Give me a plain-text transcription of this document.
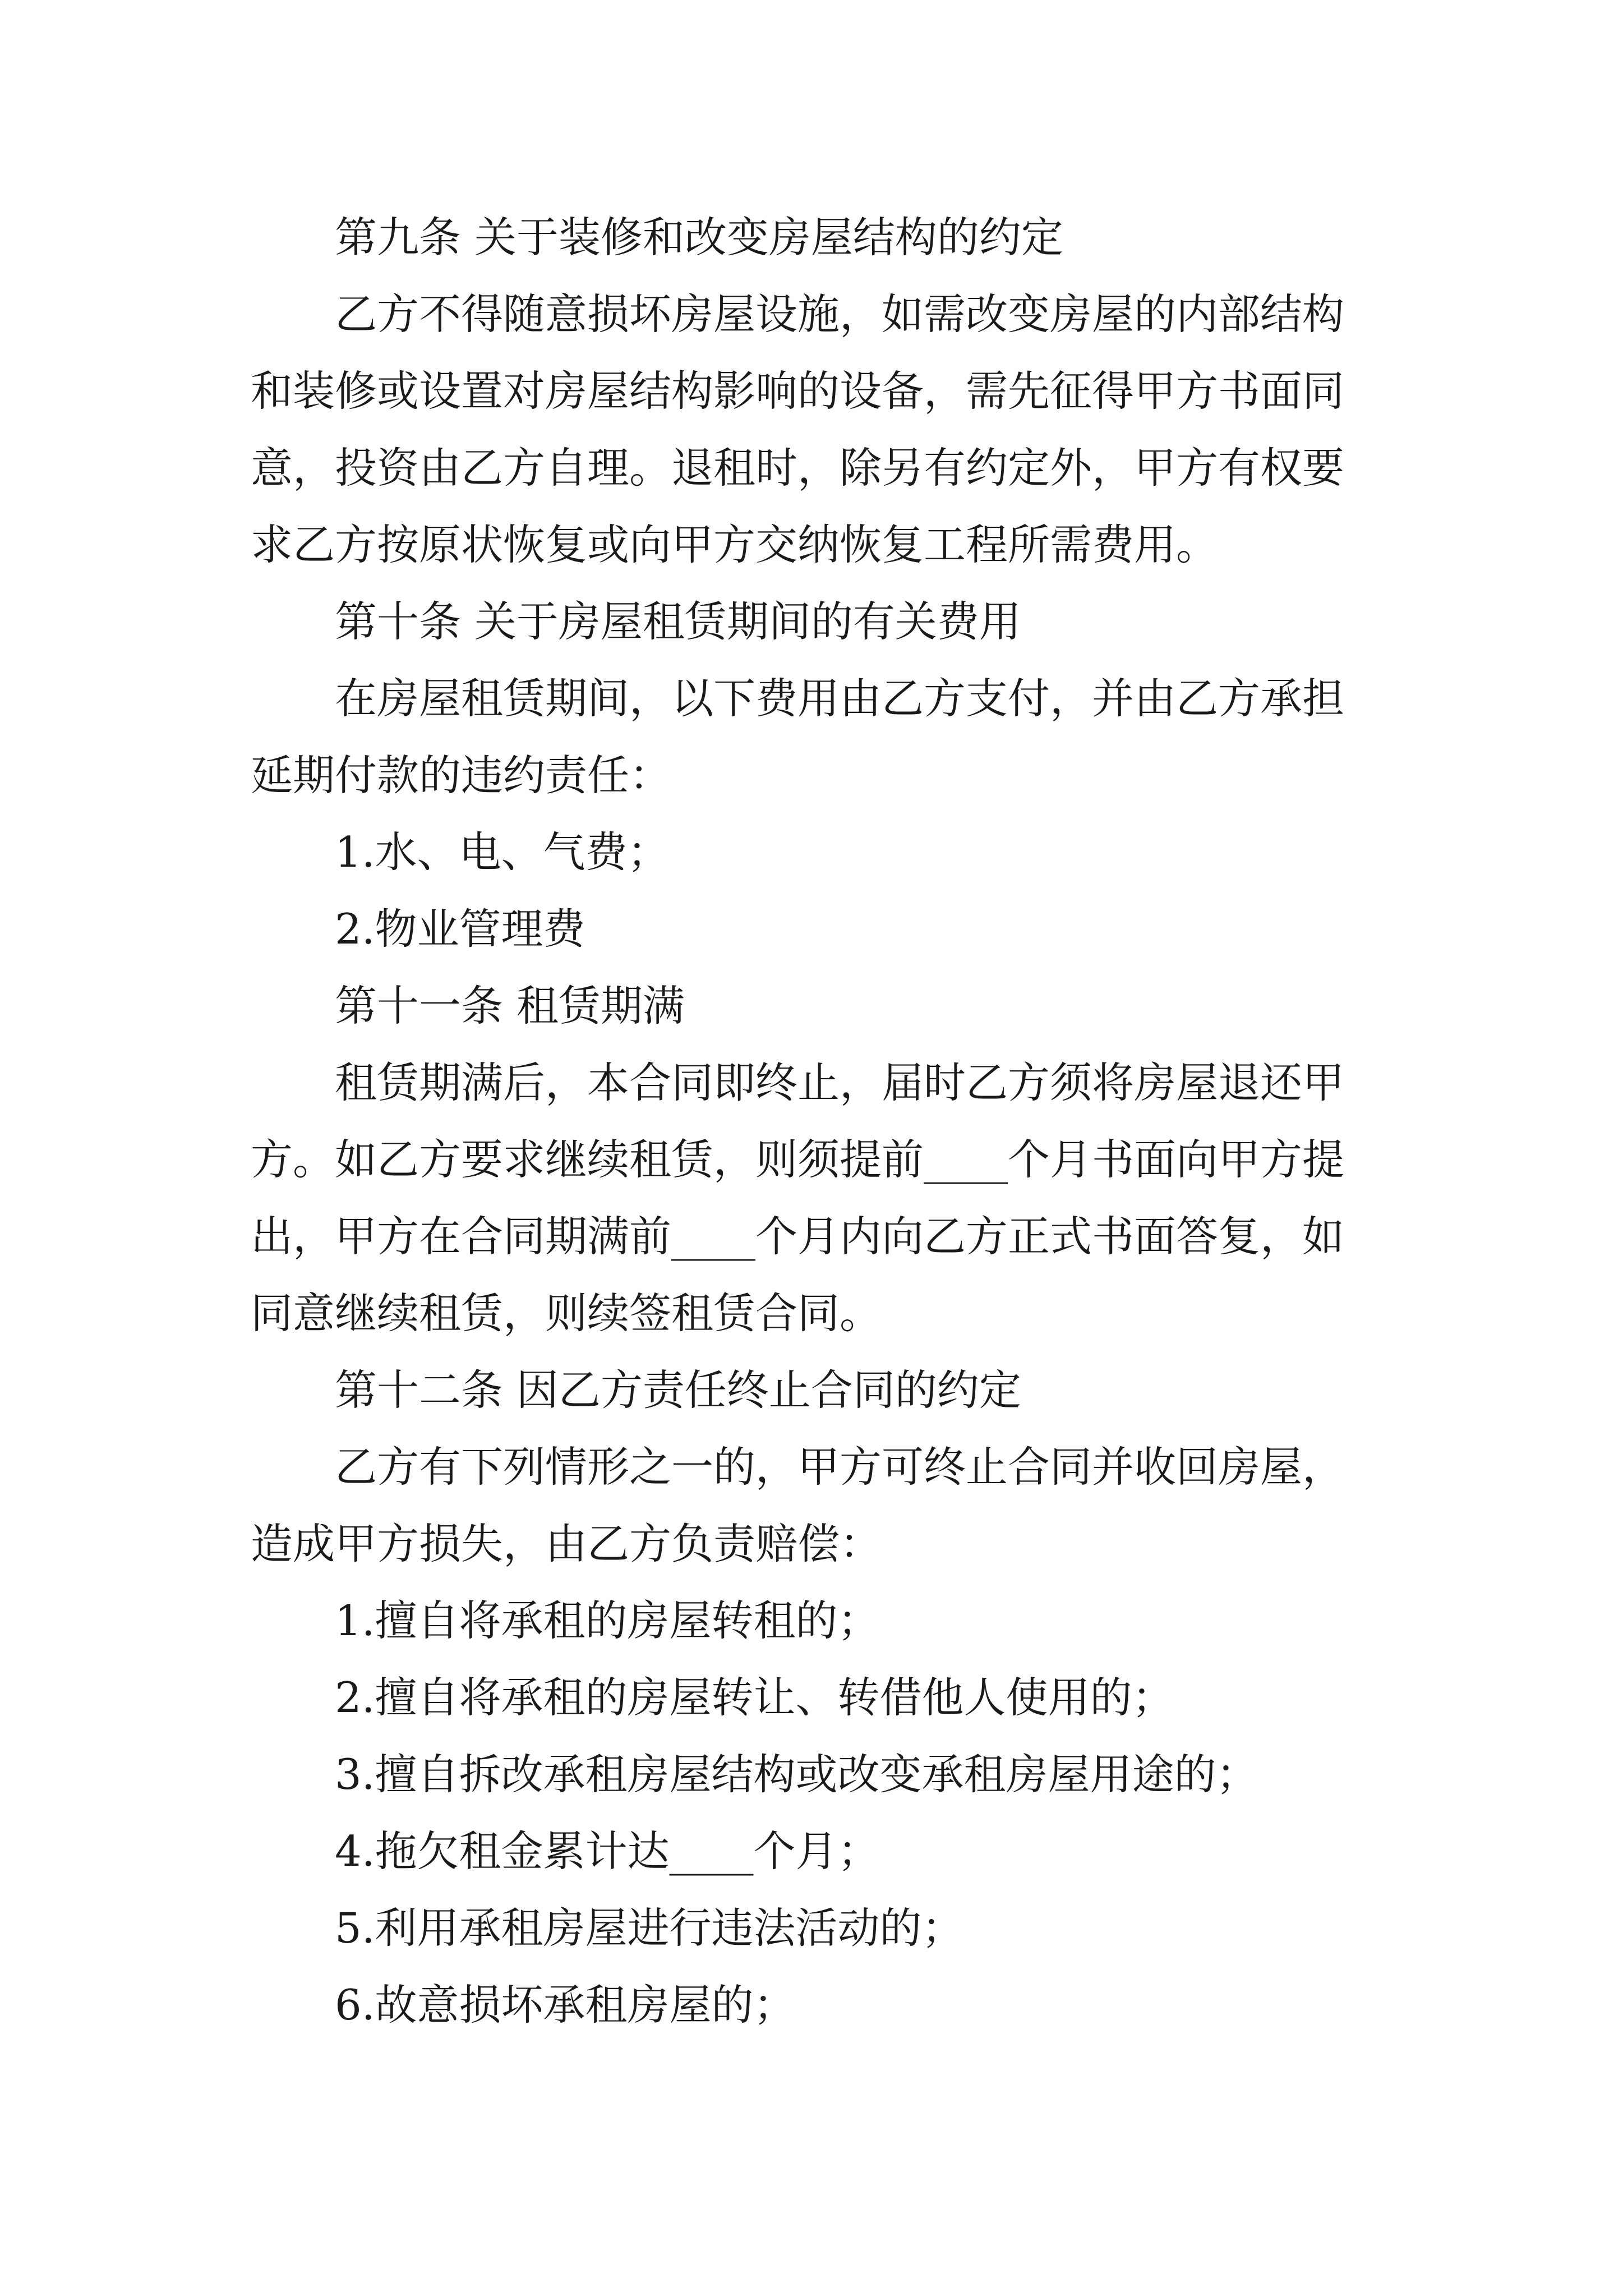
第九条 关于装修和改变房屋结构的约定
乙方不得随意损坏房屋设施，如需改变房屋的内部结构
和装修或设置对房屋结构影响的设备，需先征得甲方书面同
意，投资由乙方自理。退租时，除另有约定外，甲方有权要
求乙方按原状恢复或向甲方交纳恢复工程所需费用。
第十条 关于房屋租赁期间的有关费用
在房屋租赁期间，以下费用由乙方支付，并由乙方承担
延期付款的违约责任：
1.水、电、气费；
2.物业管理费
第十一条 租赁期满
租赁期满后，本合同即终止，届时乙方须将房屋退还甲
方。如乙方要求继续租赁，则须提前____个月书面向甲方提
出，甲方在合同期满前____个月内向乙方正式书面答复，如
同意继续租赁，则续签租赁合同。
第十二条 因乙方责任终止合同的约定
乙方有下列情形之一的，甲方可终止合同并收回房屋，
造成甲方损失，由乙方负责赔偿：
1.擅自将承租的房屋转租的；
2.擅自将承租的房屋转让、转借他人使用的；
3.擅自拆改承租房屋结构或改变承租房屋用途的；
4.拖欠租金累计达____个月；
5.利用承租房屋进行违法活动的；
6.故意损坏承租房屋的；
